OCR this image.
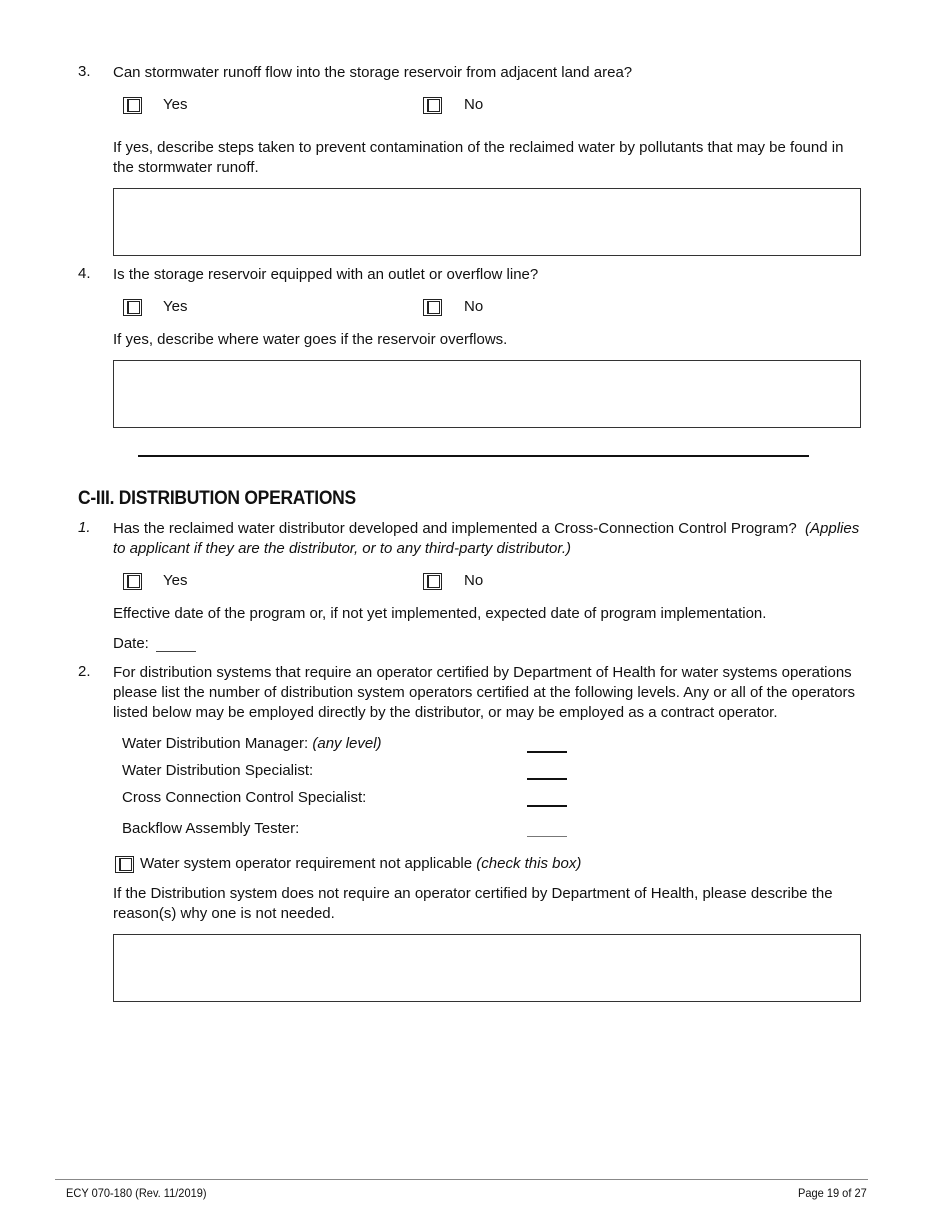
3. Can stormwater runoff flow into the storage reservoir from adjacent land area?
Yes	No
If yes, describe steps taken to prevent contamination of the reclaimed water by pollutants that may be found in the stormwater runoff.
4. Is the storage reservoir equipped with an outlet or overflow line?
Yes	No
If yes, describe where water goes if the reservoir overflows.
C-III. DISTRIBUTION OPERATIONS
1. Has the reclaimed water distributor developed and implemented a Cross-Connection Control Program? (Applies to applicant if they are the distributor, or to any third-party distributor.)
Yes	No
Effective date of the program or, if not yet implemented, expected date of program implementation.
Date:
2. For distribution systems that require an operator certified by Department of Health for water systems operations please list the number of distribution system operators certified at the following levels. Any or all of the operators listed below may be employed directly by the distributor, or may be employed as a contract operator.
Water Distribution Manager: (any level)
Water Distribution Specialist:
Cross Connection Control Specialist:
Backflow Assembly Tester:
Water system operator requirement not applicable (check this box)
If the Distribution system does not require an operator certified by Department of Health, please describe the reason(s) why one is not needed.
ECY 070-180 (Rev. 11/2019)	Page 19 of 27
